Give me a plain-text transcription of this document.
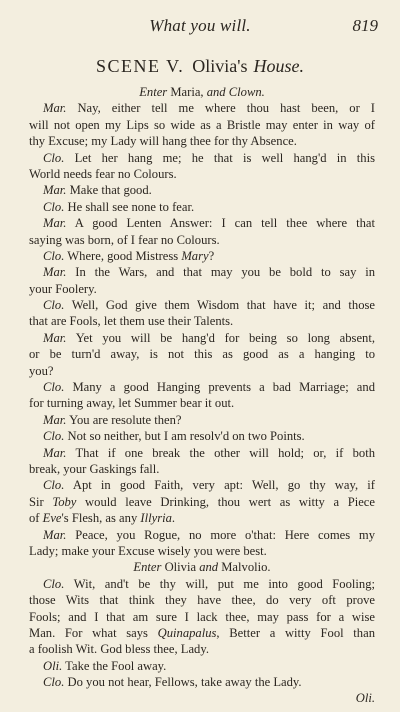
What you will.	819
SCENE V. Olivia's House.
Enter Maria, and Clown.
Mar. Nay, either tell me where thou hast been, or I
will not open my Lips so wide as a Bristle may enter in way of
thy Excuse; my Lady will hang thee for thy Absence.
Clo. Let her hang me; he that is well hang'd in this
World needs fear no Colours.
Mar. Make that good.
Clo. He shall see none to fear.
Mar. A good Lenten Answer: I can tell thee where that
saying was born, of I fear no Colours.
Clo. Where, good Mistress Mary?
Mar. In the Wars, and that may you be bold to say in
your Foolery.
Clo. Well, God give them Wisdom that have it; and those
that are Fools, let them use their Talents.
Mar. Yet you will be hang'd for being so long absent,
or be turn'd away, is not this as good as a hanging to
you?
Clo. Many a good Hanging prevents a bad Marriage; and
for turning away, let Summer bear it out.
Mar. You are resolute then?
Clo. Not so neither, but I am resolv'd on two Points.
Mar. That if one break the other will hold; or, if both
break, your Gaskings fall.
Clo. Apt in good Faith, very apt: Well, go thy way, if
Sir Toby would leave Drinking, thou wert as witty a Piece
of Eve's Flesh, as any Illyria.
Mar. Peace, you Rogue, no more o'that: Here comes my
Lady; make your Excuse wisely you were best.
Enter Olivia and Malvolio.
Clo. Wit, and't be thy will, put me into good Fooling;
those Wits that think they have thee, do very oft prove
Fools; and I that am sure I lack thee, may pass for a wise
Man. For what says Quinapalus, Better a witty Fool than
a foolish Wit. God bless thee, Lady.
Oli. Take the Fool away.
Clo. Do you not hear, Fellows, take away the Lady.
Oli.
